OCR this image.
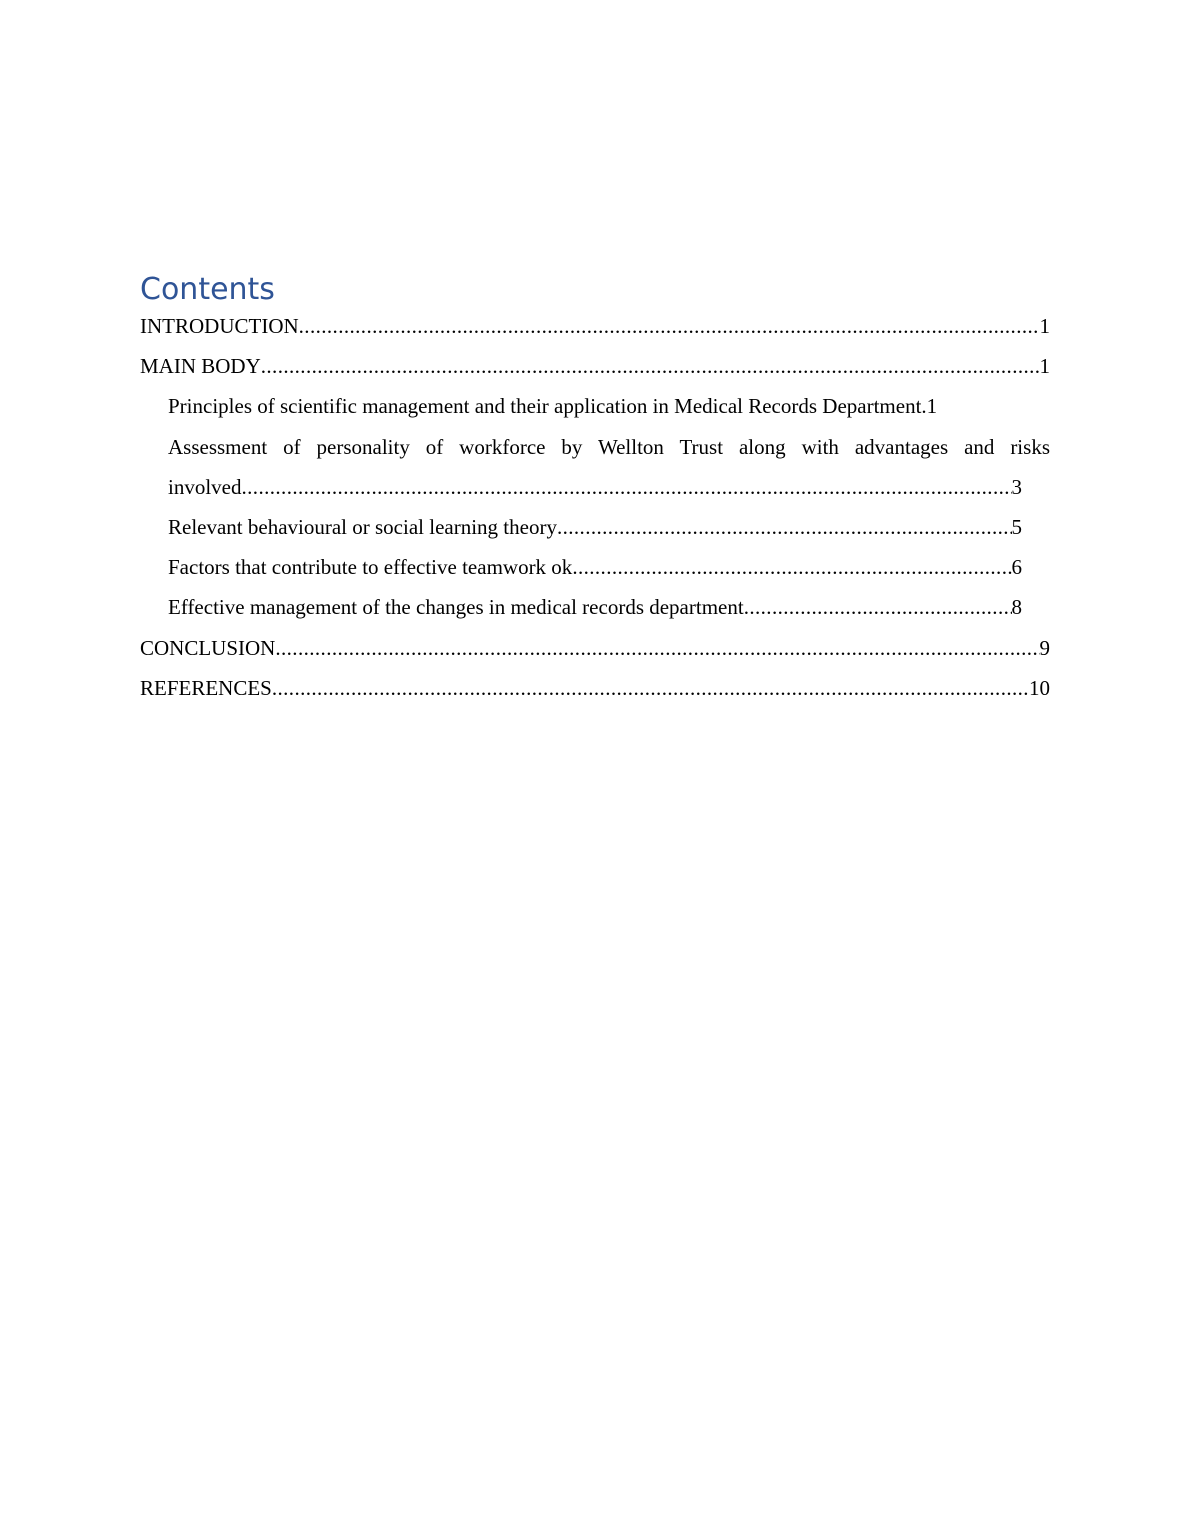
Contents
INTRODUCTION .....	1
MAIN BODY .....	1
Principles of scientific management and their application in Medical Records Department. 1
Assessment of personality of workforce by Wellton Trust along with advantages and risks
involved .....	3
Relevant behavioural or social learning theory .....	5
Factors that contribute to effective teamwork ok .....	6
Effective management of the changes in medical records department .....	8
CONCLUSION .....	9
REFERENCES .....	10
